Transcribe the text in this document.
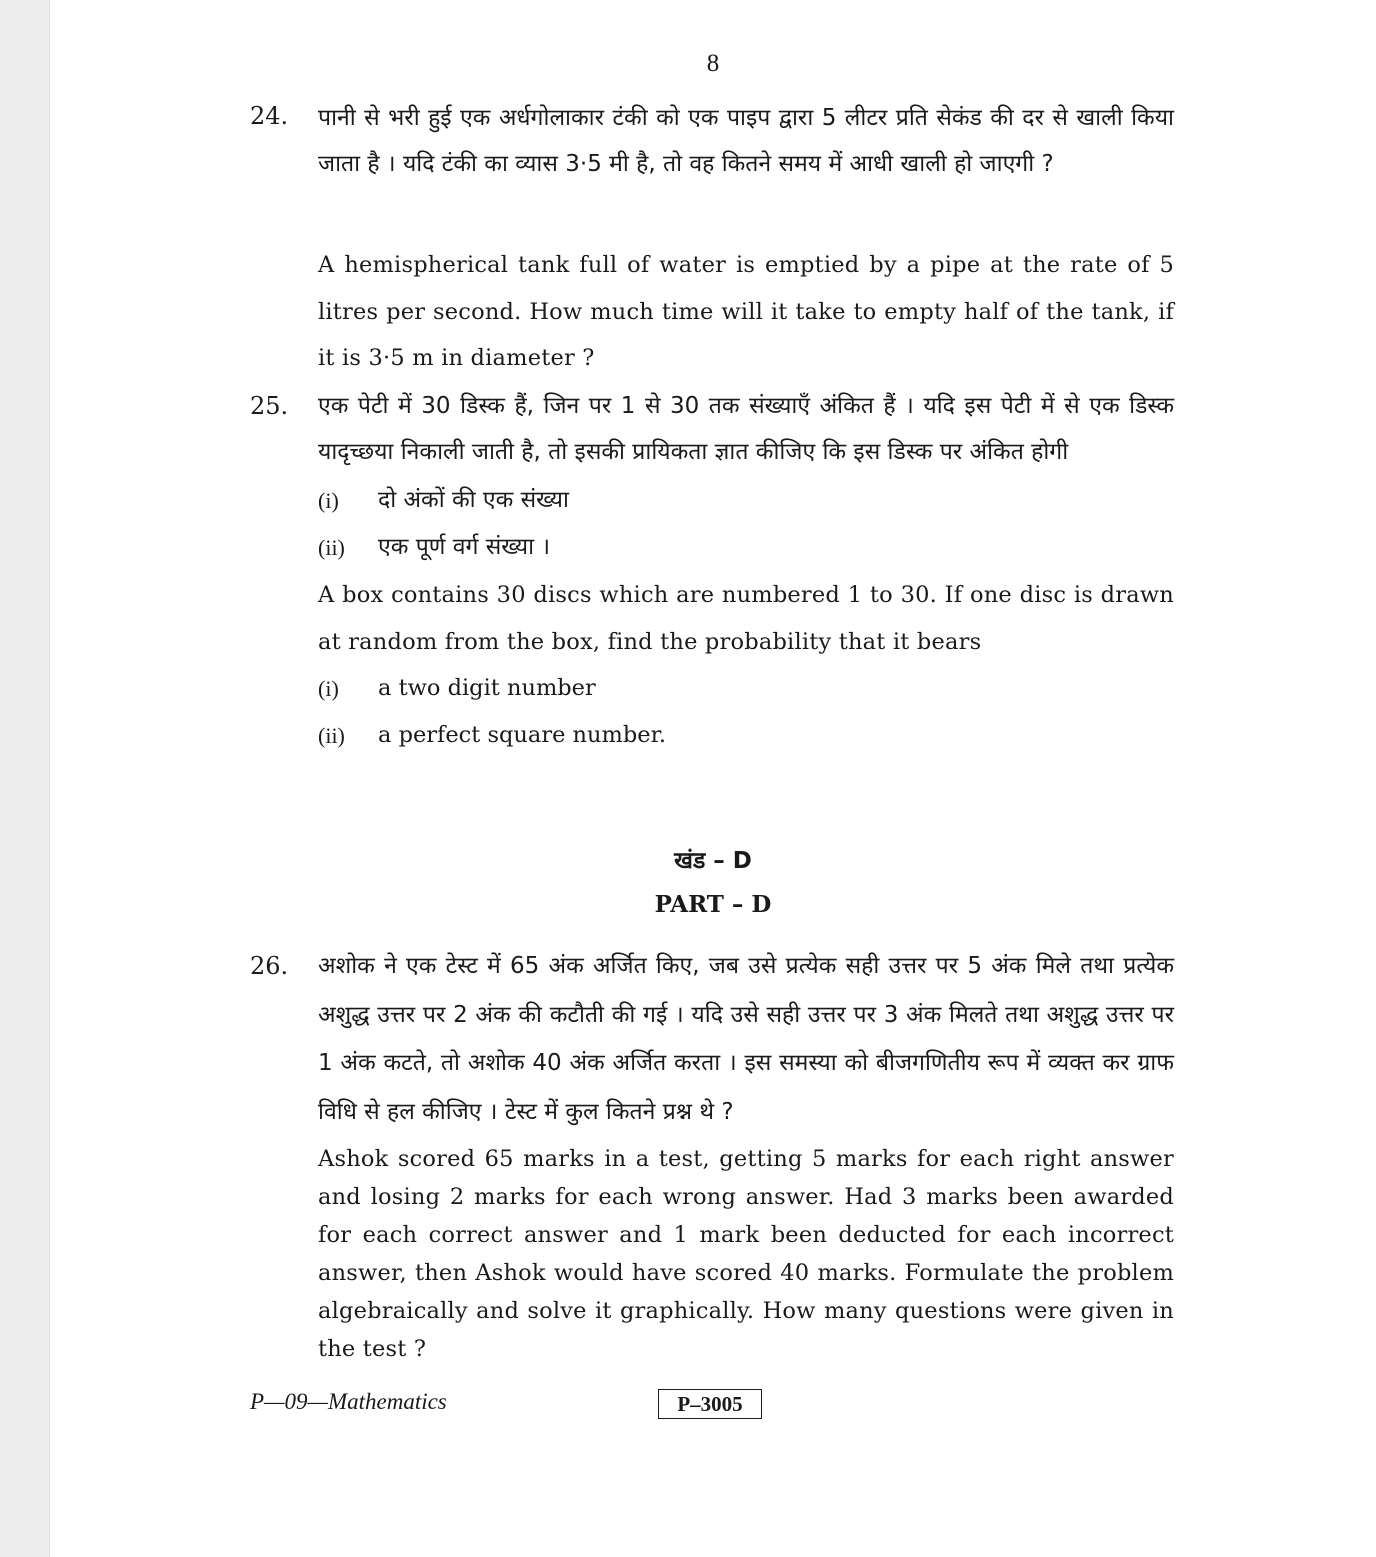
8
24. पानी से भरी हुई एक अर्धगोलाकार टंकी को एक पाइप द्वारा 5 लीटर प्रति सेकंड की दर से खाली किया जाता है । यदि टंकी का व्यास 3·5 मी है, तो वह कितने समय में आधी खाली हो जाएगी ?

A hemispherical tank full of water is emptied by a pipe at the rate of 5 litres per second. How much time will it take to empty half of the tank, if it is 3·5 m in diameter ?

25. एक पेटी में 30 डिस्क हैं, जिन पर 1 से 30 तक संख्याएँ अंकित हैं । यदि इस पेटी में से एक डिस्क यादृच्छया निकाली जाती है, तो इसकी प्रायिकता ज्ञात कीजिए कि इस डिस्क पर अंकित होगी

(i)	दो अंकों की एक संख्या
(ii)	एक पूर्ण वर्ग संख्या ।

A box contains 30 discs which are numbered 1 to 30. If one disc is drawn at random from the box, find the probability that it bears

(i)	a two digit number
(ii)	a perfect square number.
खंड – D
PART – D
26. अशोक ने एक टेस्ट में 65 अंक अर्जित किए, जब उसे प्रत्येक सही उत्तर पर 5 अंक मिले तथा प्रत्येक अशुद्ध उत्तर पर 2 अंक की कटौती की गई । यदि उसे सही उत्तर पर 3 अंक मिलते तथा अशुद्ध उत्तर पर 1 अंक कटते, तो अशोक 40 अंक अर्जित करता । इस समस्या को बीजगणितीय रूप में व्यक्त कर ग्राफ विधि से हल कीजिए । टेस्ट में कुल कितने प्रश्न थे ?

Ashok scored 65 marks in a test, getting 5 marks for each right answer and losing 2 marks for each wrong answer. Had 3 marks been awarded for each correct answer and 1 mark been deducted for each incorrect answer, then Ashok would have scored 40 marks. Formulate the problem algebraically and solve it graphically. How many questions were given in the test ?

P—09—Mathematics	P–3005
